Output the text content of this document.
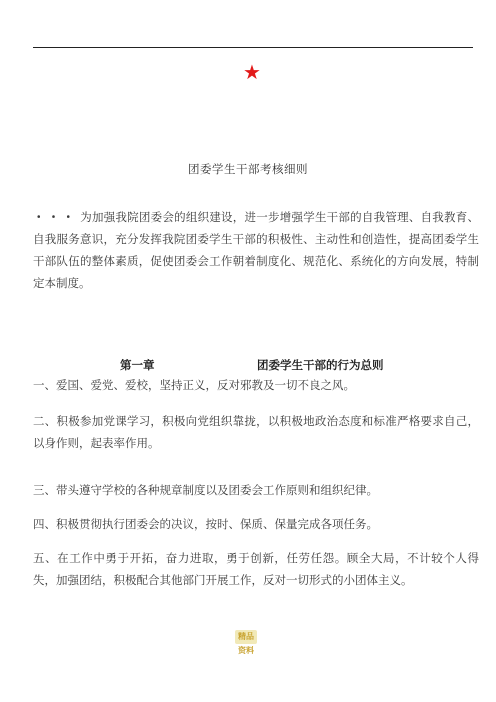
★
团委学生干部考核细则

・・・ 为加强我院团委会的组织建设，进一步增强学生干部的自我管理、自我教育、自我服务意识，充分发挥我院团委学生干部的积极性、主动性和创造性，提高团委学生干部队伍的整体素质，促使团委会工作朝着制度化、规范化、系统化的方向发展，特制定本制度。

第一章	团委学生干部的行为总则

一、爱国、爱党、爱校，坚持正义，反对邪教及一切不良之风。

二、积极参加党课学习，积极向党组织靠拢，以积极地政治态度和标准严格要求自己，以身作则，起表率作用。

三、带头遵守学校的各种规章制度以及团委会工作原则和组织纪律。

四、积极贯彻执行团委会的决议，按时、保质、保量完成各项任务。

五、在工作中勇于开拓，奋力进取，勇于创新，任劳任怨。顾全大局，不计较个人得失，加强团结，积极配合其他部门开展工作，反对一切形式的小团体主义。

精品资料
